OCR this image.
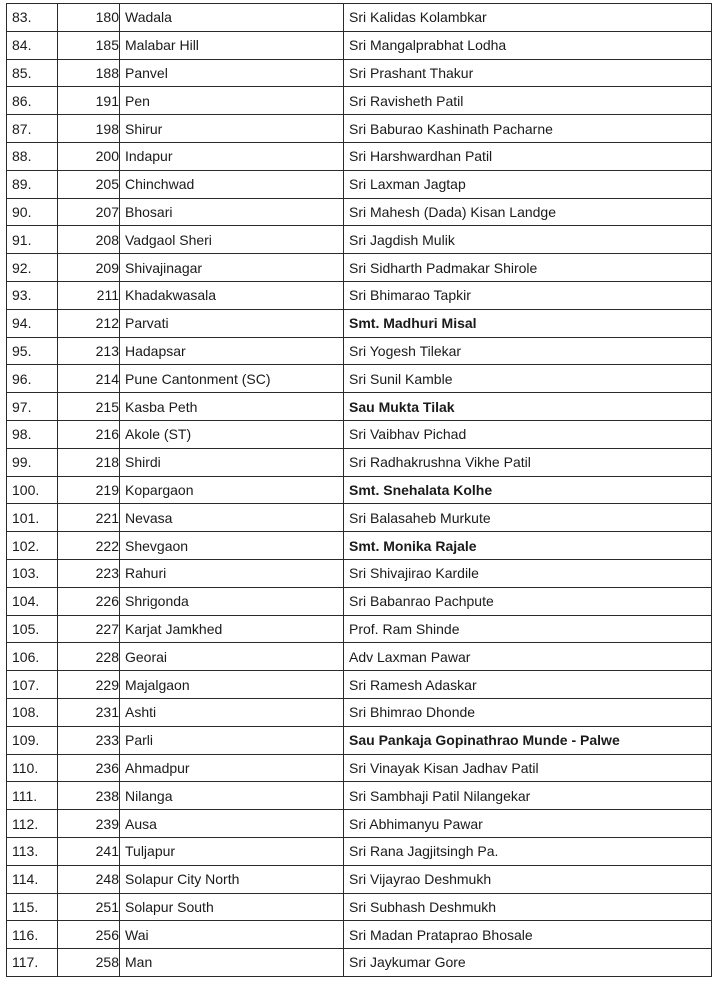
83.	180	Wadala	Sri Kalidas Kolambkar
84.	185	Malabar Hill	Sri Mangalprabhat Lodha
85.	188	Panvel	Sri Prashant Thakur
86.	191	Pen	Sri Ravisheth Patil
87.	198	Shirur	Sri Baburao Kashinath Pacharne
88.	200	Indapur	Sri Harshwardhan Patil
89.	205	Chinchwad	Sri Laxman Jagtap
90.	207	Bhosari	Sri Mahesh (Dada) Kisan Landge
91.	208	Vadgaol Sheri	Sri Jagdish Mulik
92.	209	Shivajinagar	Sri Sidharth Padmakar Shirole
93.	211	Khadakwasala	Sri Bhimarao Tapkir
94.	212	Parvati	Smt. Madhuri Misal
95.	213	Hadapsar	Sri Yogesh Tilekar
96.	214	Pune Cantonment (SC)	Sri Sunil Kamble
97.	215	Kasba Peth	Sau Mukta Tilak
98.	216	Akole (ST)	Sri Vaibhav Pichad
99.	218	Shirdi	Sri Radhakrushna Vikhe Patil
100.	219	Kopargaon	Smt. Snehalata Kolhe
101.	221	Nevasa	Sri Balasaheb Murkute
102.	222	Shevgaon	Smt. Monika Rajale
103.	223	Rahuri	Sri Shivajirao Kardile
104.	226	Shrigonda	Sri Babanrao Pachpute
105.	227	Karjat Jamkhed	Prof. Ram Shinde
106.	228	Georai	Adv Laxman Pawar
107.	229	Majalgaon	Sri Ramesh Adaskar
108.	231	Ashti	Sri Bhimrao Dhonde
109.	233	Parli	Sau Pankaja Gopinathrao Munde - Palwe
110.	236	Ahmadpur	Sri Vinayak Kisan Jadhav Patil
111.	238	Nilanga	Sri Sambhaji Patil Nilangekar
112.	239	Ausa	Sri Abhimanyu Pawar
113.	241	Tuljapur	Sri Rana Jagjitsingh Pa.
114.	248	Solapur City North	Sri Vijayrao Deshmukh
115.	251	Solapur South	Sri Subhash Deshmukh
116.	256	Wai	Sri Madan Prataprao Bhosale
117.	258	Man	Sri Jaykumar Gore
